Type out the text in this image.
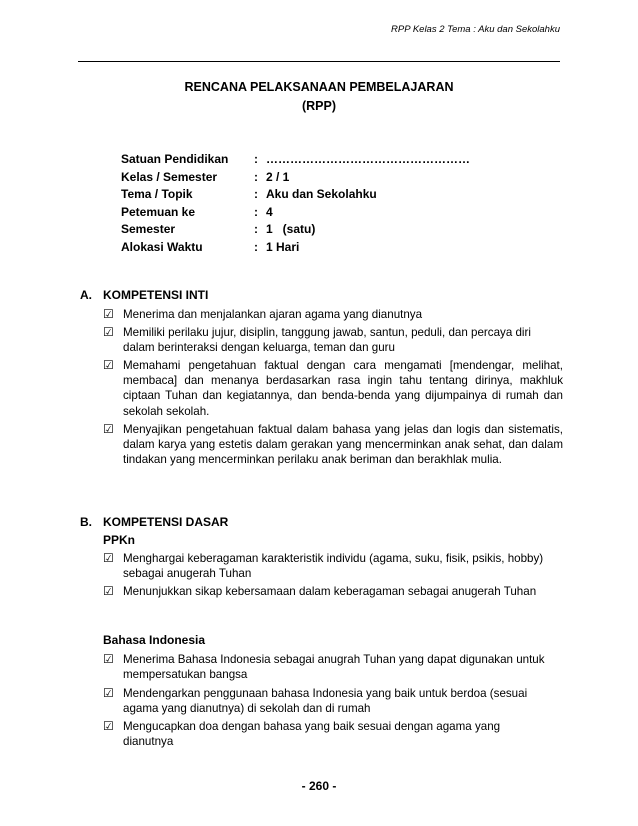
RPP Kelas 2 Tema : Aku dan Sekolahku
RENCANA PELAKSANAAN PEMBELAJARAN
(RPP)
Satuan Pendidikan	: ……………………………………………
Kelas / Semester	: 2 / 1
Tema / Topik	: Aku dan Sekolahku
Petemuan ke	: 4
Semester	: 1   (satu)
Alokasi Waktu	: 1 Hari
A. KOMPETENSI INTI
☑ Menerima dan menjalankan ajaran agama yang dianutnya
☑ Memiliki perilaku jujur, disiplin, tanggung jawab, santun, peduli, dan percaya diri dalam berinteraksi dengan keluarga, teman dan guru
☑ Memahami pengetahuan faktual dengan cara mengamati [mendengar, melihat, membaca] dan menanya berdasarkan rasa ingin tahu tentang dirinya, makhluk ciptaan Tuhan dan kegiatannya, dan benda-benda yang dijumpainya di rumah dan sekolah sekolah.
☑ Menyajikan pengetahuan faktual dalam bahasa yang jelas dan logis dan sistematis, dalam karya yang estetis dalam gerakan yang mencerminkan anak sehat, dan dalam tindakan yang mencerminkan perilaku anak beriman dan berakhlak mulia.
B. KOMPETENSI DASAR
PPKn
☑ Menghargai keberagaman karakteristik individu (agama, suku, fisik, psikis, hobby) sebagai anugerah Tuhan
☑ Menunjukkan sikap kebersamaan dalam keberagaman sebagai anugerah Tuhan
Bahasa Indonesia
☑ Menerima Bahasa Indonesia sebagai anugrah Tuhan yang dapat digunakan untuk mempersatukan bangsa
☑ Mendengarkan penggunaan bahasa Indonesia yang baik untuk berdoa (sesuai agama yang dianutnya) di sekolah dan di rumah
☑ Mengucapkan doa dengan bahasa yang baik sesuai dengan agama yang dianutnya
- 260 -
